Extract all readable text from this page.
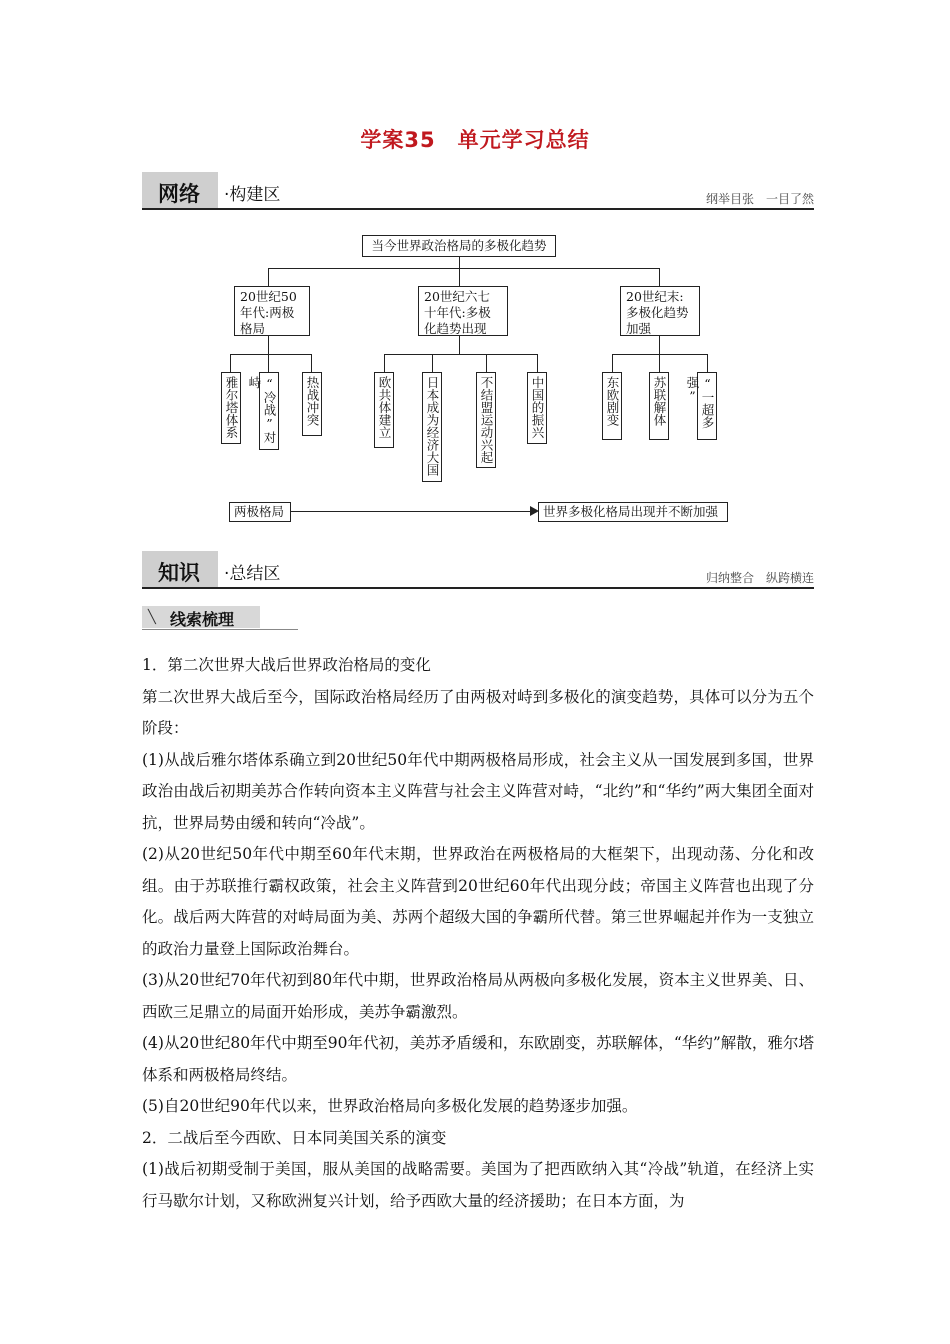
学案35　单元学习总结
网络 ·构建区	纲举目张　一目了然
当今世界政治格局的多极化趋势
20世纪50年代:两极格局
20世纪六七十年代:多极化趋势出现
20世纪末:多极化趋势加强
雅尔塔体系 “冷战”对峙	热战冲突	欧共体建立	日本成为经济大国	不结盟运动兴起	中国的振兴	东欧剧变	苏联解体	“一超多强”
两极格局	世界多极化格局出现并不断加强
知识 ·总结区	归纳整合　纵跨横连
╲ 线索梳理

1．第二次世界大战后世界政治格局的变化

第二次世界大战后至今，国际政治格局经历了由两极对峙到多极化的演变趋势，具体可以分为五个阶段：

(1)从战后雅尔塔体系确立到20世纪50年代中期两极格局形成，社会主义从一国发展到多国，世界政治由战后初期美苏合作转向资本主义阵营与社会主义阵营对峙，“北约”和“华约”两大集团全面对抗，世界局势由缓和转向“冷战”。

(2)从20世纪50年代中期至60年代末期，世界政治在两极格局的大框架下，出现动荡、分化和改组。由于苏联推行霸权政策，社会主义阵营到20世纪60年代出现分歧；帝国主义阵营也出现了分化。战后两大阵营的对峙局面为美、苏两个超级大国的争霸所代替。第三世界崛起并作为一支独立的政治力量登上国际政治舞台。

(3)从20世纪70年代初到80年代中期，世界政治格局从两极向多极化发展，资本主义世界美、日、西欧三足鼎立的局面开始形成，美苏争霸激烈。

(4)从20世纪80年代中期至90年代初，美苏矛盾缓和，东欧剧变，苏联解体，“华约”解散，雅尔塔体系和两极格局终结。

(5)自20世纪90年代以来，世界政治格局向多极化发展的趋势逐步加强。

2．二战后至今西欧、日本同美国关系的演变

(1)战后初期受制于美国，服从美国的战略需要。美国为了把西欧纳入其“冷战”轨道，在经济上实行马歇尔计划，又称欧洲复兴计划，给予西欧大量的经济援助；在日本方面，为
